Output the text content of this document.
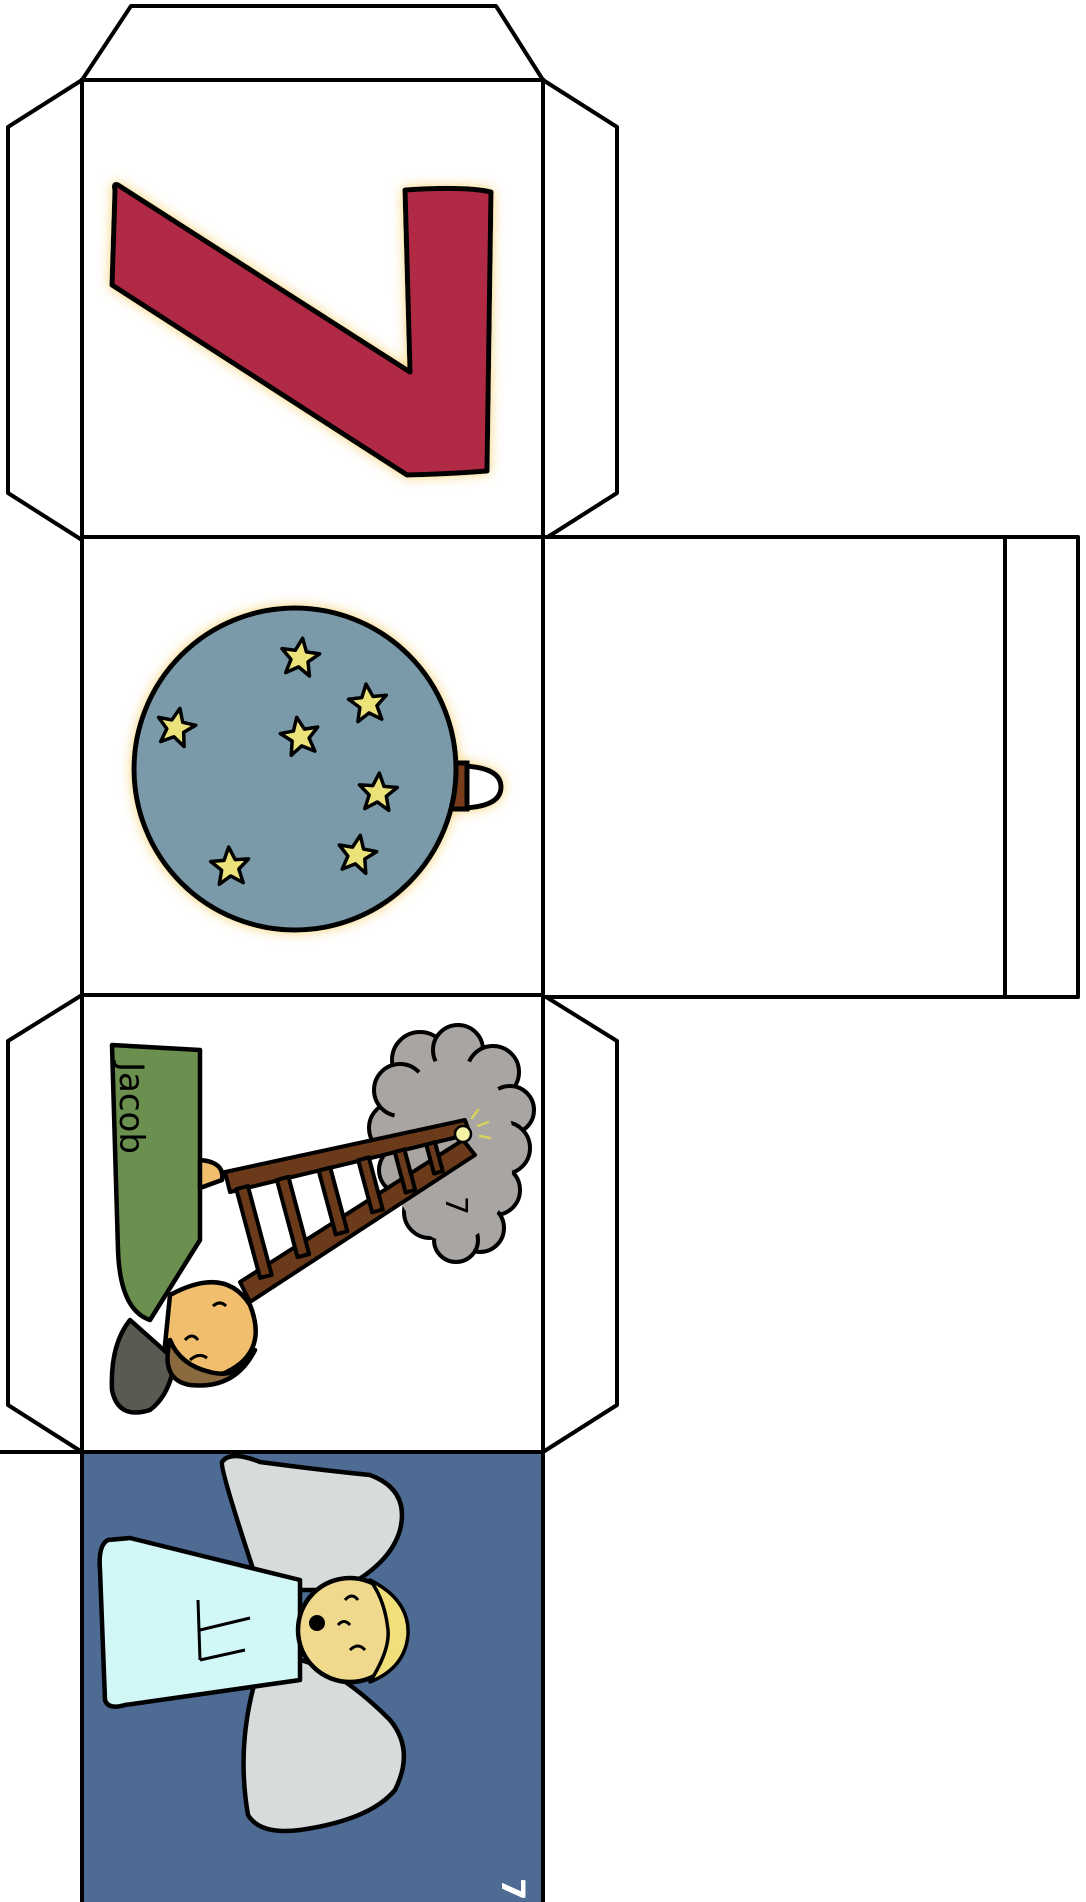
Jacob
7
7
